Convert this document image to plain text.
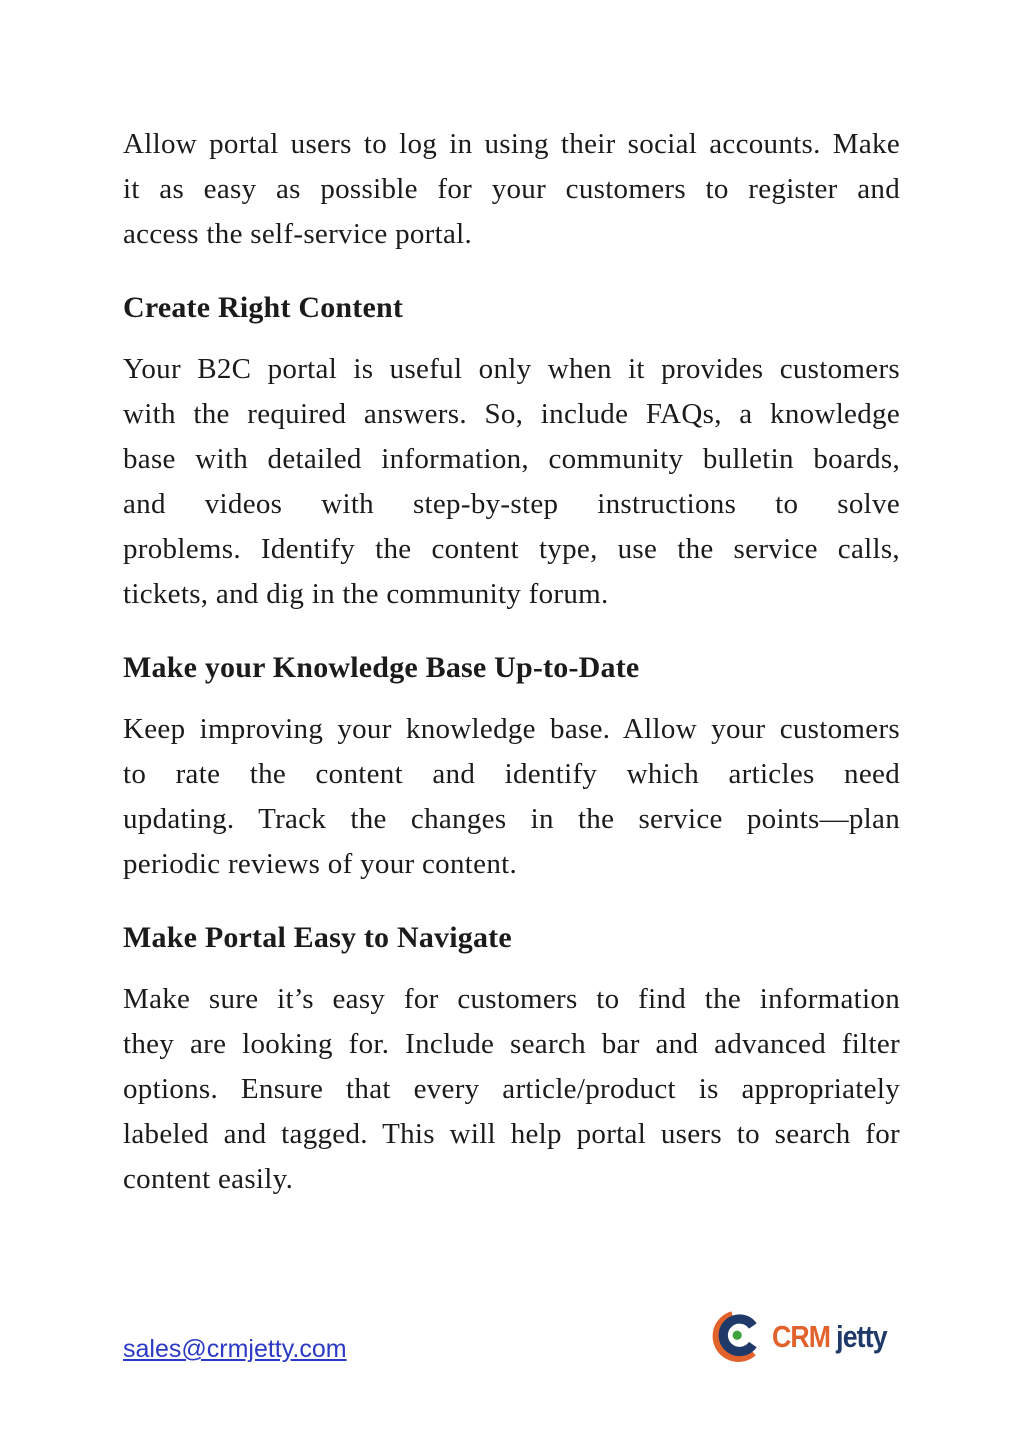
Allow portal users to log in using their social accounts. Make
it as easy as possible for your customers to register and
access the self-service portal.
Create Right Content
Your B2C portal is useful only when it provides customers
with the required answers. So, include FAQs, a knowledge
base with detailed information, community bulletin boards,
and videos with step-by-step instructions to solve
problems. Identify the content type, use the service calls,
tickets, and dig in the community forum.
Make your Knowledge Base Up-to-Date
Keep improving your knowledge base. Allow your customers
to rate the content and identify which articles need
updating. Track the changes in the service points—plan
periodic reviews of your content.
Make Portal Easy to Navigate
Make sure it’s easy for customers to find the information
they are looking for. Include search bar and advanced filter
options. Ensure that every article/product is appropriately
labeled and tagged. This will help portal users to search for
content easily.
sales@crmjetty.com	CRM jetty
